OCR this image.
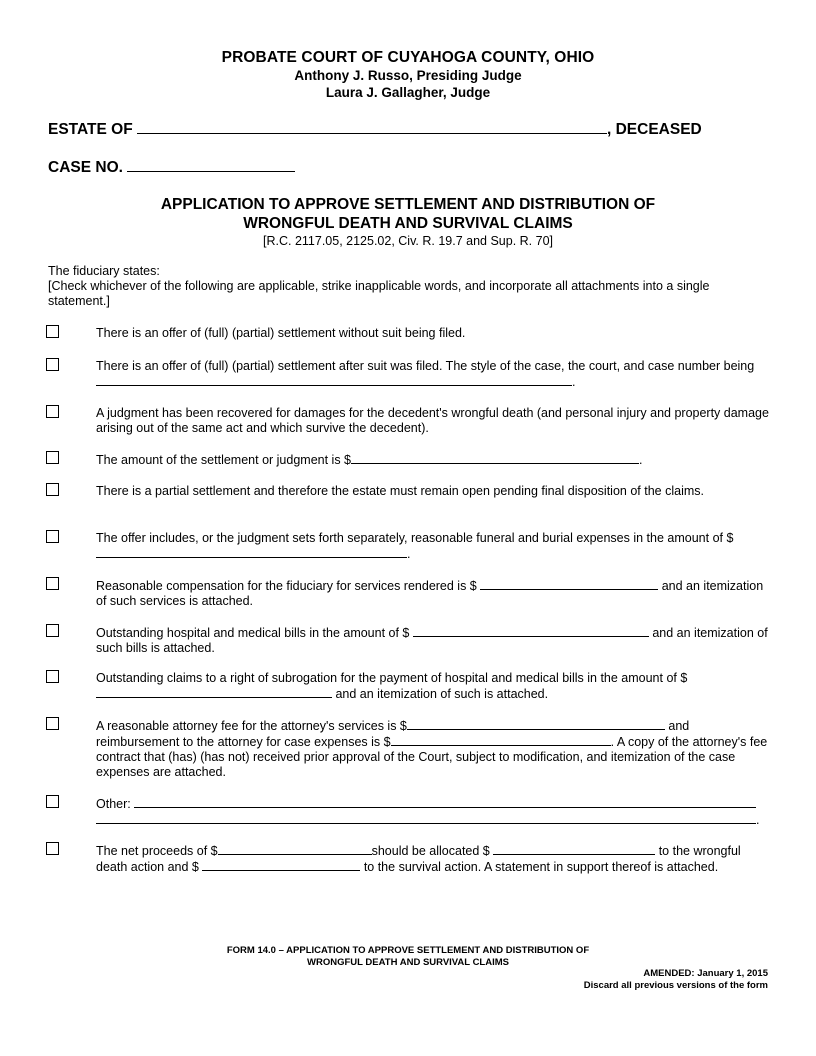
PROBATE COURT OF CUYAHOGA COUNTY, OHIO
Anthony J. Russo, Presiding Judge
Laura J. Gallagher, Judge
ESTATE OF	, DECEASED
CASE NO.
APPLICATION TO APPROVE SETTLEMENT AND DISTRIBUTION OF
WRONGFUL DEATH AND SURVIVAL CLAIMS
[R.C. 2117.05, 2125.02, Civ. R. 19.7 and Sup. R. 70]
The fiduciary states:
[Check whichever of the following are applicable, strike inapplicable words, and incorporate all attachments into a single statement.]
There is an offer of (full) (partial) settlement without suit being filed.
There is an offer of (full) (partial) settlement after suit was filed. The style of the case, the court, and case number being .
A judgment has been recovered for damages for the decedent's wrongful death (and personal injury and property damage arising out of the same act and which survive the decedent).
The amount of the settlement or judgment is $	.
There is a partial settlement and therefore the estate must remain open pending final disposition of the claims.
The offer includes, or the judgment sets forth separately, reasonable funeral and burial expenses in the amount of $.
Reasonable compensation for the fiduciary for services rendered is $	and an itemization of such services is attached.
Outstanding hospital and medical bills in the amount of $	and an itemization of such bills is attached.
Outstanding claims to a right of subrogation for the payment of hospital and medical bills in the amount of $ and an itemization of such is attached.
A reasonable attorney fee for the attorney's services is $	and reimbursement to the attorney for case expenses is $	. A copy of the attorney's fee contract that (has) (has not) received prior approval of the Court, subject to modification, and itemization of the case expenses are attached.
Other:
.
The net proceeds of $	should be allocated $	to the wrongful death action and $	to the survival action. A statement in support thereof is attached.
FORM 14.0 – APPLICATION TO APPROVE SETTLEMENT AND DISTRIBUTION OF
WRONGFUL DEATH AND SURVIVAL CLAIMS
AMENDED: January 1, 2015
Discard all previous versions of the form
